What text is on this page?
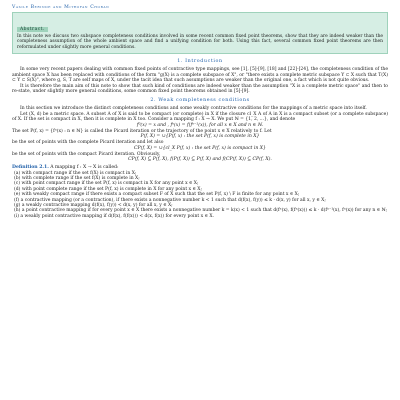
Vasile Berinde and Mitrofan Choban
Abstract.

In this note we discuss two subspace completeness conditions involved in some recent common fixed point theorems, show that they are indeed weaker than the completeness assumption of the whole ambient space and find a unifying condition for both. Using this fact, several common fixed point theorems are then reformulated under slightly more general conditions.

1. Introduction

In some very recent papers dealing with common fixed points of contractive type mappings, see [1], [5]-[9], [18] and [22]-[24], the completeness condition of the ambient space X has been replaced with conditions of the form "g(X) is a complete subspace of X", or "there exists a complete metric subspace Y ⊂ X such that T(X) ⊂ Y ⊂ S(X)", where g, S, T are self maps of X, under the tacit idea that such assumptions are weaker than the original one, a fact which is not quite obvious.

It is therefore the main aim of this note to show that such kind of conditions are indeed weaker than the assumption "X is a complete metric space" and then to re-state, under slightly more general conditions, some common fixed point theorems obtained in [5]-[9].

2. Weak completeness conditions

In this section we introduce the distinct completeness conditions and some weakly contractive conditions for the mappings of a metric space into itself.

Let (X, d) be a metric space. A subset A of X is said to be compact (or complete) in X if the closure cl_X A of A in X is a compact subset (or a complete subspace) of X. If the set is compact in X, then it is complete in X too. Consider a mapping f : X → X. We put ℕ = {1, 2, ...}, and denote

f⁰(x) = x and , fⁿ(x) = f(fⁿ⁻¹(x)), for all x ∈ X and n ∈ ℕ.

The set P(f, x) = {fⁿ(x) : n ∈ ℕ} is called the Picard iteration or the trajectory of the point x ∈ X relatively to f. Let

P(f, X) = ∪{P(f, x) : the set P(f, x) is complete in X}

be the set of points with the complete Picard iteration and let also

CP(f, X) = ∪{cl_X P(f, x) : the set P(f, x) is compact in X}

be the set of points with the compact Picard iteration. Obviously,

CP(f, X) ⊆ P(f, X), f(P(f, X)) ⊆ P(f, X) and f(CP(f, X)) ⊆ CP(f, X).

Definition 2.1. A mapping f : X → X is called:
(a) with compact range if the set f(X) is compact in X;
(b) with complete range if the set f(X) is complete in X;
(c) with point compact range if the set P(f, x) is compact in X for any point x ∈ X;
(d) with point complete range if the set P(f, x) is complete in X for any point x ∈ X;
(e) with weakly compact range if there exists a compact subset F of X such that the set P(f, x) \ F is finite for any point x ∈ X;
(f) a contractive mapping (or a contraction), if there exists a nonnegative number k < 1 such that d(f(x), f(y)) ≤ k · d(x, y) for all x, y ∈ X;
(g) a weakly contractive mapping d(f(x), f(y)) < d(x, y) for all x, y ∈ X;
(h) a point contractive mapping if for every point x ∈ X there exists a nonnegative number k = k(x) < 1 such that d(fⁿ(x), f(fⁿ(x))) ≤ k · d(fⁿ⁻¹(x), fⁿ(x)) for any n ∈ ℕ;
(i) a weakly point contractive mapping if d(f(x), f(f(x))) < d(x, f(x)) for every point x ∈ X.
